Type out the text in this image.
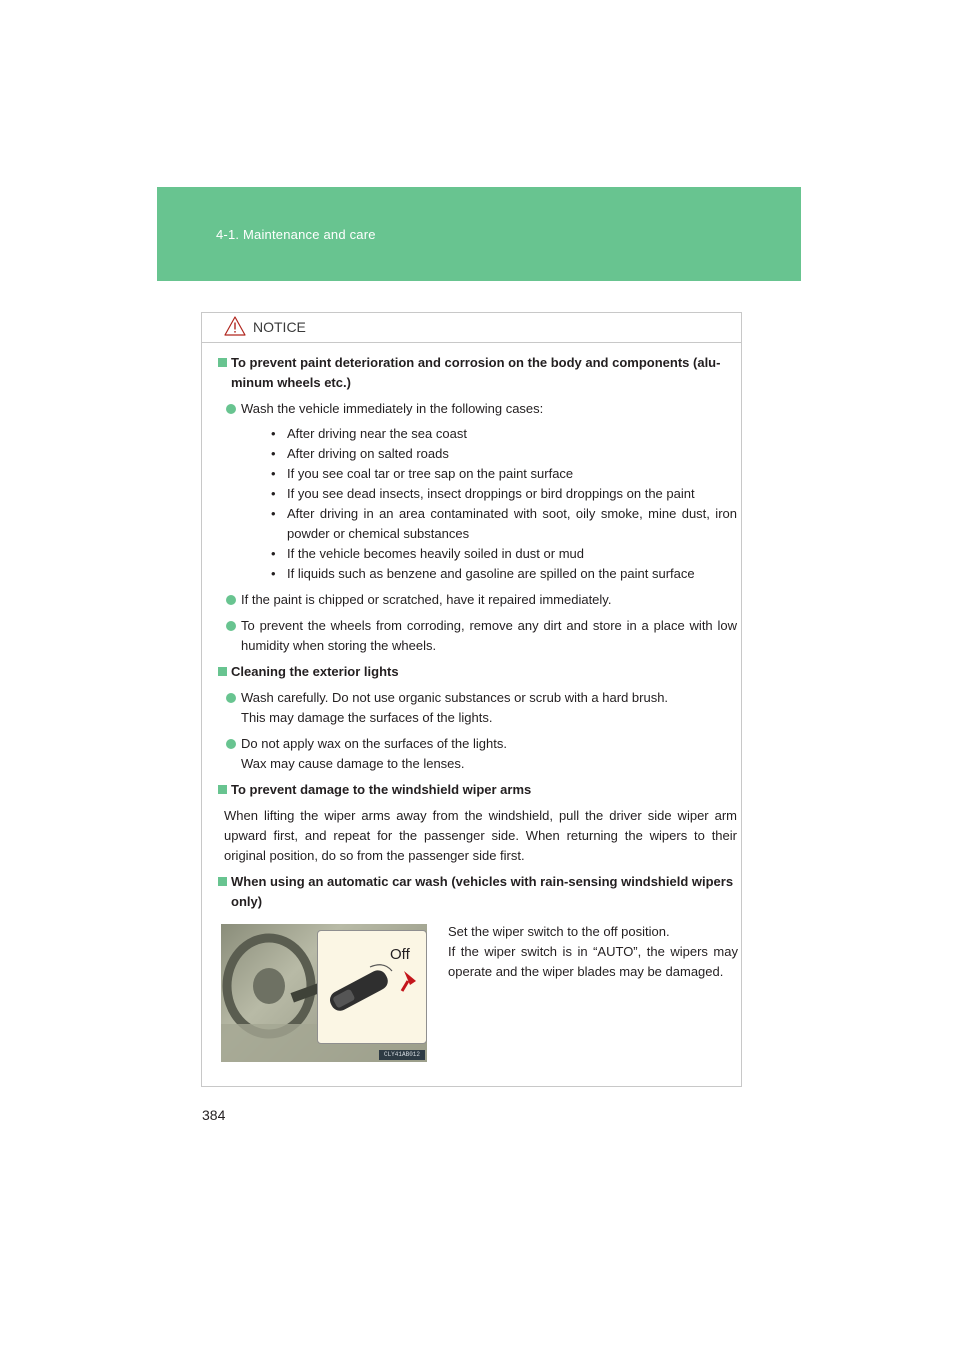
4-1. Maintenance and care
NOTICE
To prevent paint deterioration and corrosion on the body and components (alu-minum wheels etc.)

Wash the vehicle immediately in the following cases:

• After driving near the sea coast
• After driving on salted roads
• If you see coal tar or tree sap on the paint surface
• If you see dead insects, insect droppings or bird droppings on the paint
• After driving in an area contaminated with soot, oily smoke, mine dust, iron powder or chemical substances
• If the vehicle becomes heavily soiled in dust or mud
• If liquids such as benzene and gasoline are spilled on the paint surface

If the paint is chipped or scratched, have it repaired immediately.

To prevent the wheels from corroding, remove any dirt and store in a place with low humidity when storing the wheels.

Cleaning the exterior lights

Wash carefully. Do not use organic substances or scrub with a hard brush.

This may damage the surfaces of the lights.

Do not apply wax on the surfaces of the lights.

Wax may cause damage to the lenses.

To prevent damage to the windshield wiper arms

When lifting the wiper arms away from the windshield, pull the driver side wiper arm upward first, and repeat for the passenger side. When returning the wipers to their original position, do so from the passenger side first.

When using an automatic car wash (vehicles with rain-sensing windshield wipers only)
Off
CLY41AB012

Set the wiper switch to the off position.

If the wiper switch is in “AUTO”, the wipers may operate and the wiper blades may be damaged.

384
